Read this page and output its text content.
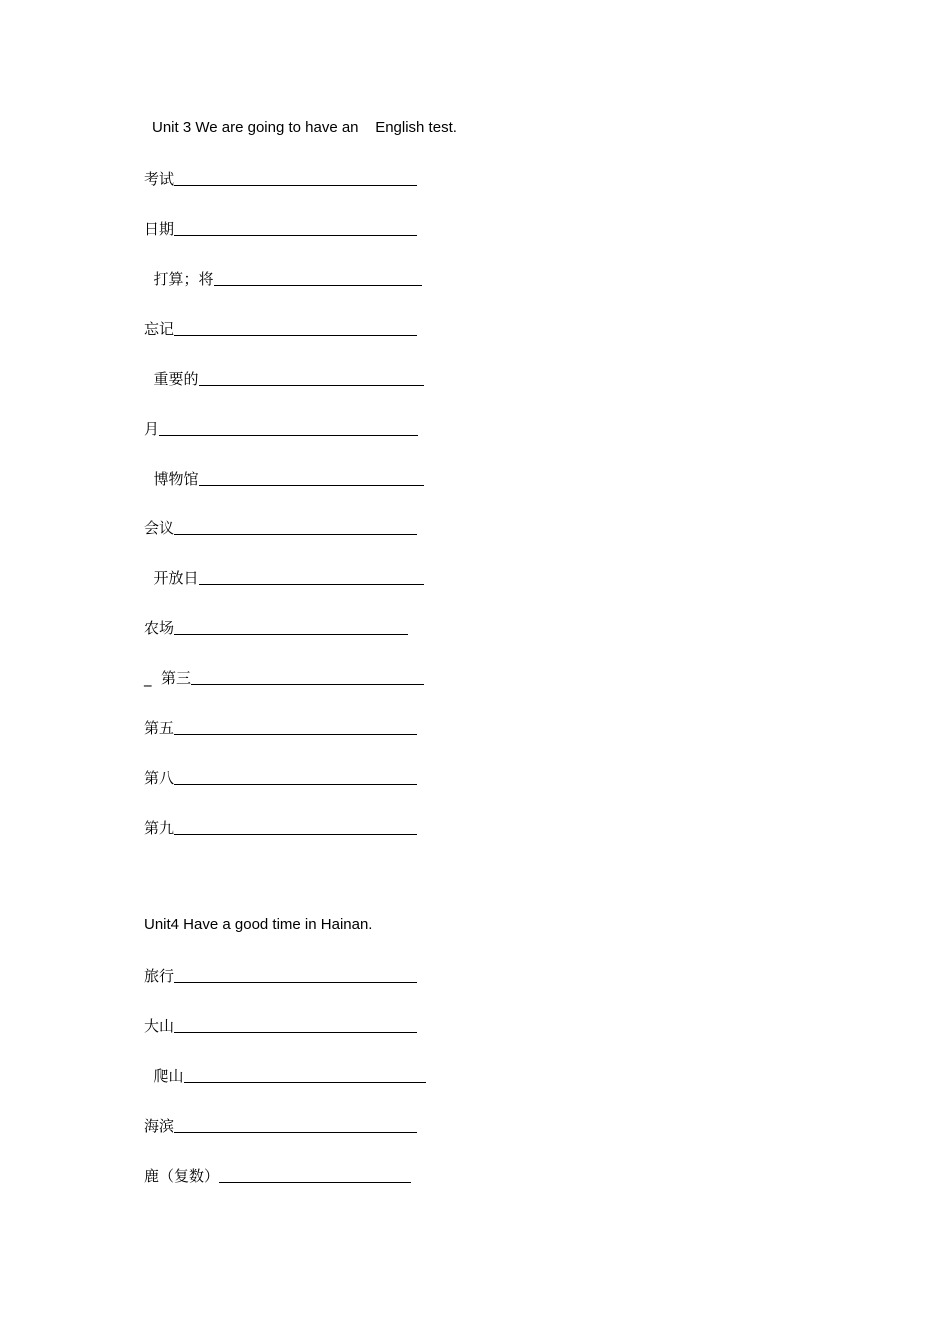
Unit 3 We are going to have an    English test.
考试
日期
打算；将
忘记
重要的
月
博物馆
会议
开放日
农场
_  第三
第五
第八
第九
Unit4 Have a good time in Hainan.
旅行
大山
爬山
海滨
鹿（复数）
